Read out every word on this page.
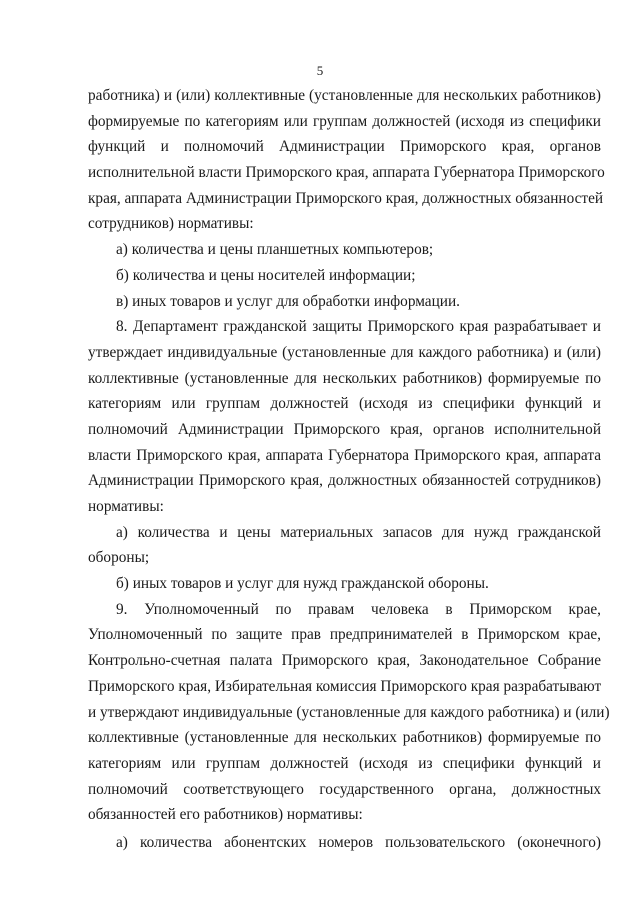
5
работника) и (или) коллективные (установленные для нескольких работников)
формируемые по категориям или группам должностей (исходя из специфики
функций и полномочий Администрации Приморского края, органов
исполнительной власти Приморского края, аппарата Губернатора Приморского
края, аппарата Администрации Приморского края, должностных обязанностей
сотрудников) нормативы:
а) количества и цены планшетных компьютеров;
б) количества и цены носителей информации;
в) иных товаров и услуг для обработки информации.
8. Департамент гражданской защиты Приморского края разрабатывает и
утверждает индивидуальные (установленные для каждого работника) и (или)
коллективные (установленные для нескольких работников) формируемые по
категориям или группам должностей (исходя из специфики функций и
полномочий Администрации Приморского края, органов исполнительной
власти Приморского края, аппарата Губернатора Приморского края, аппарата
Администрации Приморского края, должностных обязанностей сотрудников)
нормативы:
а) количества и цены материальных запасов для нужд гражданской
обороны;
б) иных товаров и услуг для нужд гражданской обороны.
9. Уполномоченный по правам человека в Приморском крае,
Уполномоченный по защите прав предпринимателей в Приморском крае,
Контрольно-счетная палата Приморского края, Законодательное Собрание
Приморского края, Избирательная комиссия Приморского края разрабатывают
и утверждают индивидуальные (установленные для каждого работника) и (или)
коллективные (установленные для нескольких работников) формируемые по
категориям или группам должностей (исходя из специфики функций и
полномочий соответствующего государственного органа, должностных
обязанностей его работников) нормативы:
а) количества абонентских номеров пользовательского (оконечного)
